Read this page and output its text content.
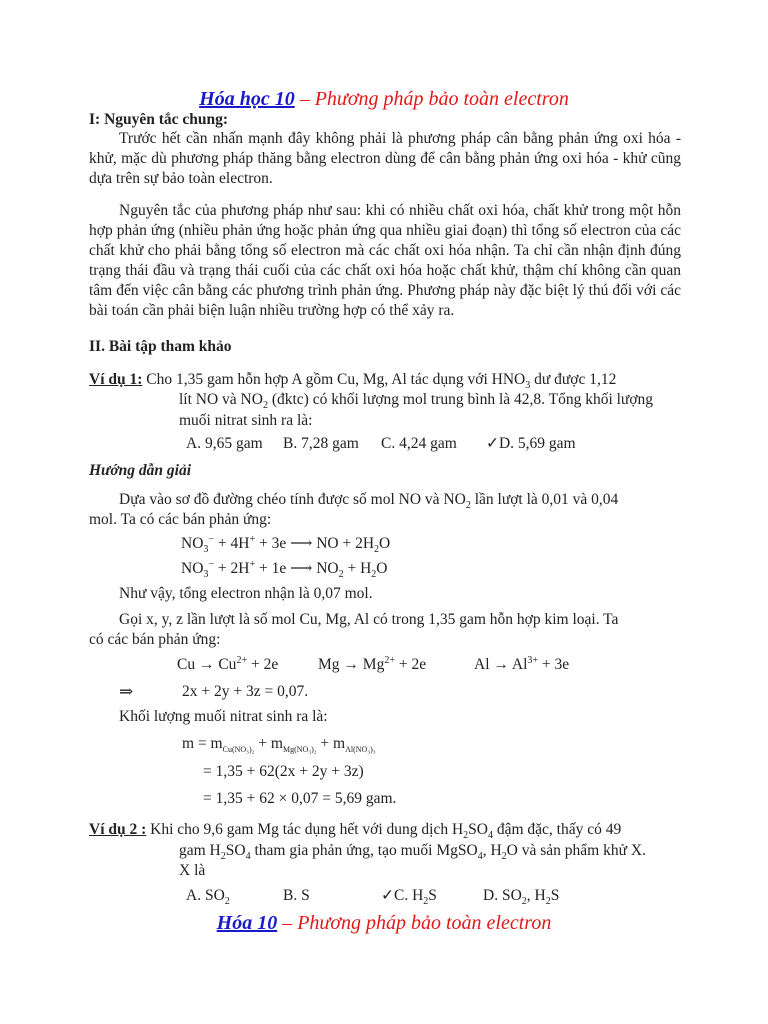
Hóa học 10 – Phương pháp bảo toàn electron
I: Nguyên tắc chung:

Trước hết cần nhấn mạnh đây không phải là phương pháp cân bằng phản ứng oxi hóa - khử, mặc dù phương pháp thăng bằng electron dùng để cân bằng phản ứng oxi hóa - khử cũng dựa trên sự bảo toàn electron.

Nguyên tắc của phương pháp như sau: khi có nhiều chất oxi hóa, chất khử trong một hỗn hợp phản ứng (nhiều phản ứng hoặc phản ứng qua nhiều giai đoạn) thì tổng số electron của các chất khử cho phải bằng tổng số electron mà các chất oxi hóa nhận. Ta chỉ cần nhận định đúng trạng thái đầu và trạng thái cuối của các chất oxi hóa hoặc chất khử, thậm chí không cần quan tâm đến việc cân bằng các phương trình phản ứng. Phương pháp này đặc biệt lý thú đối với các bài toán cần phải biện luận nhiều trường hợp có thể xảy ra.

II. Bài tập tham khảo
Ví dụ 1: Cho 1,35 gam hỗn hợp A gồm Cu, Mg, Al tác dụng với $HNO_3$ dư được 1,12
lít NO và $NO_2$ (đktc) có khối lượng mol trung bình là 42,8. Tổng khối lượng
muối nitrat sinh ra là:
A. 9,65 gam B. 7,28 gam C. 4,24 gam ✓D. 5,69 gam
Hướng dẫn giải
Dựa vào sơ đồ đường chéo tính được số mol NO và $NO_2$ lần lượt là 0,01 và 0,04
mol. Ta có các bán phản ứng:
$NO_3^- + 4H^+ + 3e$ ⟶ NO + $2H_2O$
$NO_3^- + 2H^+ + 1e$ ⟶ $NO_2 + H_2O$
Như vậy, tổng electron nhận là 0,07 mol.
Gọi x, y, z lần lượt là số mol Cu, Mg, Al có trong 1,35 gam hỗn hợp kim loại. Ta
có các bán phản ứng:
$Cu \to Cu^{2+} + 2e$	$Mg \to Mg^{2+} + 2e$	$Al \to Al^{3+} + 3e$
⇒	2x + 2y + 3z = 0,07.
Khối lượng muối nitrat sinh ra là:
$m = m_{Cu(NO_3)_2} + m_{Mg(NO_3)_2} + m_{Al(NO_3)_3}$
= 1,35 + 62(2x + 2y + 3z)
= 1,35 + 62 × 0,07 = 5,69 gam.
Ví dụ 2 : Khi cho 9,6 gam Mg tác dụng hết với dung dịch $H_2SO_4$ đậm đặc, thấy có 49
gam $H_2SO_4$ tham gia phản ứng, tạo muối MgSO$_4$, $H_2O$ và sản phẩm khử X.
X là
A. $SO_2$	B. S	✓C. $H_2S$	D. $SO_2$, $H_2S$
Hóa 10 – Phương pháp bảo toàn electron
